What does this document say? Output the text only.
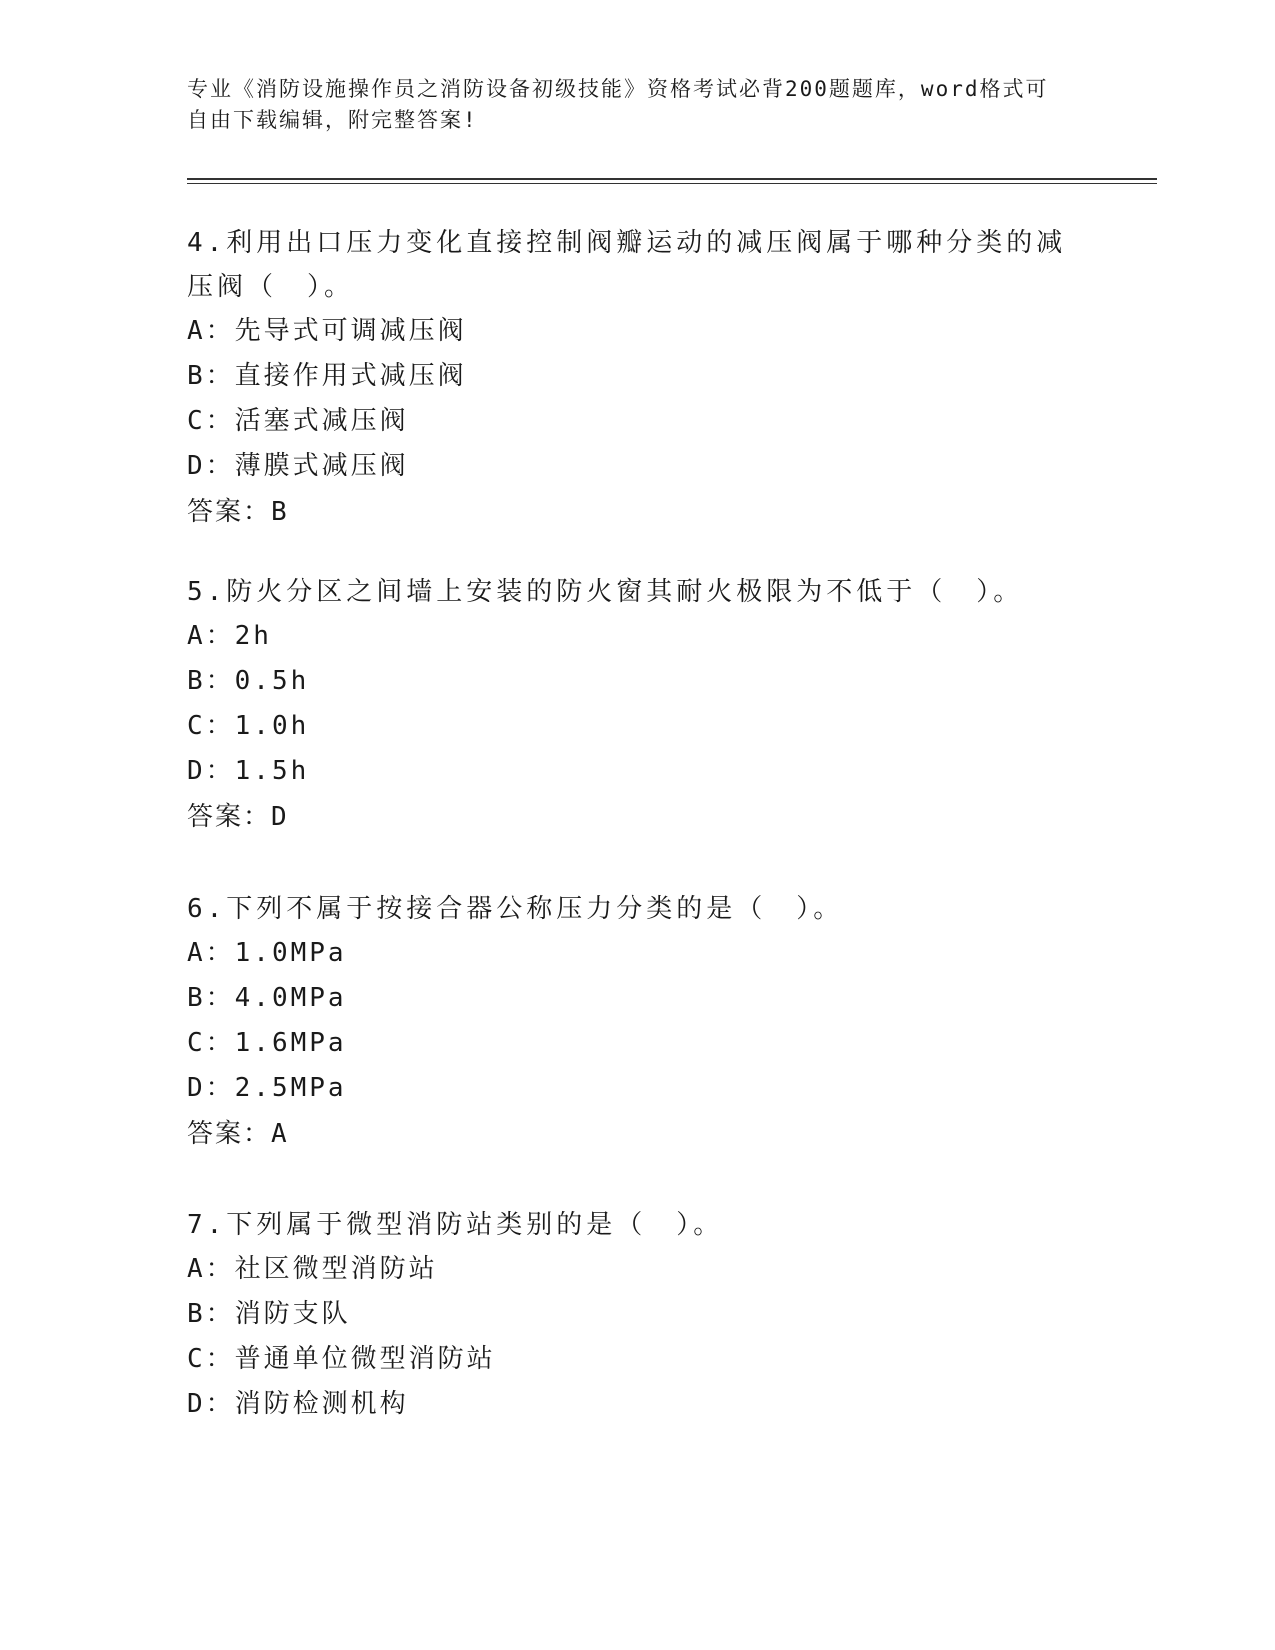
专业《消防设施操作员之消防设备初级技能》资格考试必背200题题库，word格式可自由下载编辑，附完整答案!

4.利用出口压力变化直接控制阀瓣运动的减压阀属于哪种分类的减压阀（　）。

A：先导式可调减压阀
B：直接作用式减压阀
C：活塞式减压阀
D：薄膜式减压阀
答案：B

5.防火分区之间墙上安装的防火窗其耐火极限为不低于（　）。

A：2h
B：0.5h
C：1.0h
D：1.5h
答案：D

6.下列不属于按接合器公称压力分类的是（　）。

A：1.0MPa
B：4.0MPa
C：1.6MPa
D：2.5MPa
答案：A

7.下列属于微型消防站类别的是（　）。

A：社区微型消防站
B：消防支队
C：普通单位微型消防站
D：消防检测机构
